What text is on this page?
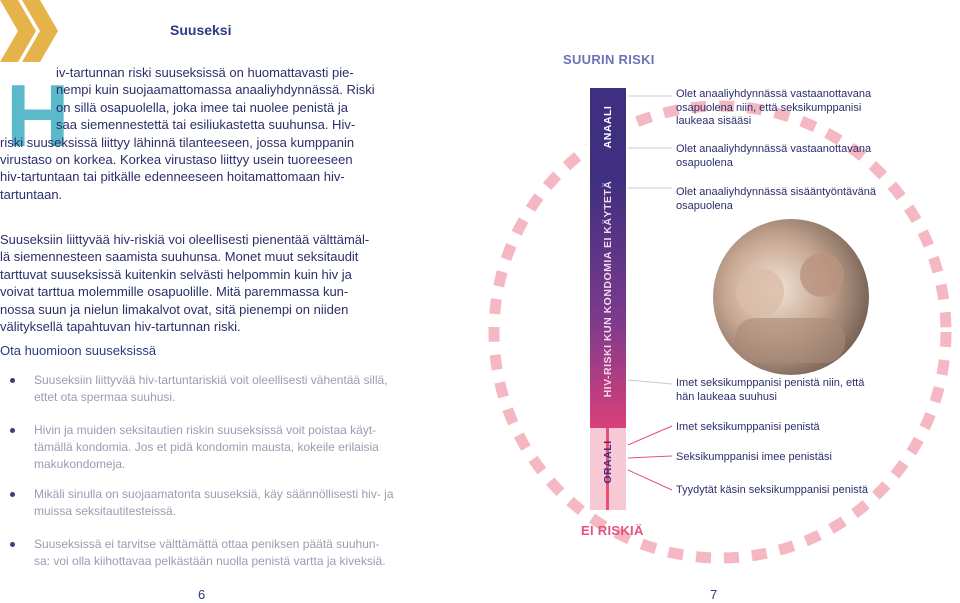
Suuseksi
H
iv-tartunnan riski suuseksissä on huomattavasti pie-
nempi kuin suojaamattomassa anaaliyhdynnässä. Riski
on sillä osapuolella, joka imee tai nuolee penistä ja
saa siemennestettä tai esiliukastetta suuhunsa. Hiv-
riski suuseksissä liittyy lähinnä tilanteeseen, jossa kumppanin
virustaso on korkea. Korkea virustaso liittyy usein tuoreeseen
hiv-tartuntaan tai pitkälle edenneeseen hoitamattomaan hiv-
tartuntaan.
Suuseksiin liittyvää hiv-riskiä voi oleellisesti pienentää välttämäl-
lä siemennesteen saamista suuhunsa. Monet muut seksitaudit
tarttuvat suuseksissä kuitenkin selvästi helpommin kuin hiv ja
voivat tarttua molemmille osapuolille. Mitä paremmassa kun-
nossa suun ja nielun limakalvot ovat, sitä pienempi on niiden
välityksellä tapahtuvan hiv-tartunnan riski.
Ota huomioon suuseksissä
Suuseksiin liittyvää hiv-tartuntariskiä voit oleellisesti vähentää sillä,
ettet ota spermaa suuhusi.
Hivin ja muiden seksitautien riskin suuseksissä voit poistaa käyt-
tämällä kondomia. Jos et pidä kondomin mausta, kokeile erilaisia
makukondomeja.
Mikäli sinulla on suojaamatonta suuseksiä, käy säännöllisesti hiv- ja
muissa seksitautitesteissä.
Suuseksissä ei tarvitse välttämättä ottaa peniksen päätä suuhun-
sa: voi olla kiihottavaa pelkästään nuolla penistä vartta ja kiveksiä.
6
SUURIN RISKI
EI RISKIÄ
ANAALI
HIV-RISKI KUN KONDOMIA EI KÄYTETÄ
ORAALI
Olet anaaliyhdynnässä vastaanottavana
osapuolena niin, että seksikumppanisi
laukeaa sisääsi
Olet anaaliyhdynnässä vastaanottavana
osapuolena
Olet anaaliyhdynnässä sisääntyöntävänä
osapuolena
Imet seksikumppanisi penistä niin, että
hän laukeaa suuhusi
Imet seksikumppanisi penistä
Seksikumppanisi imee penistäsi
Tyydytät käsin seksikumppanisi penistä
7
